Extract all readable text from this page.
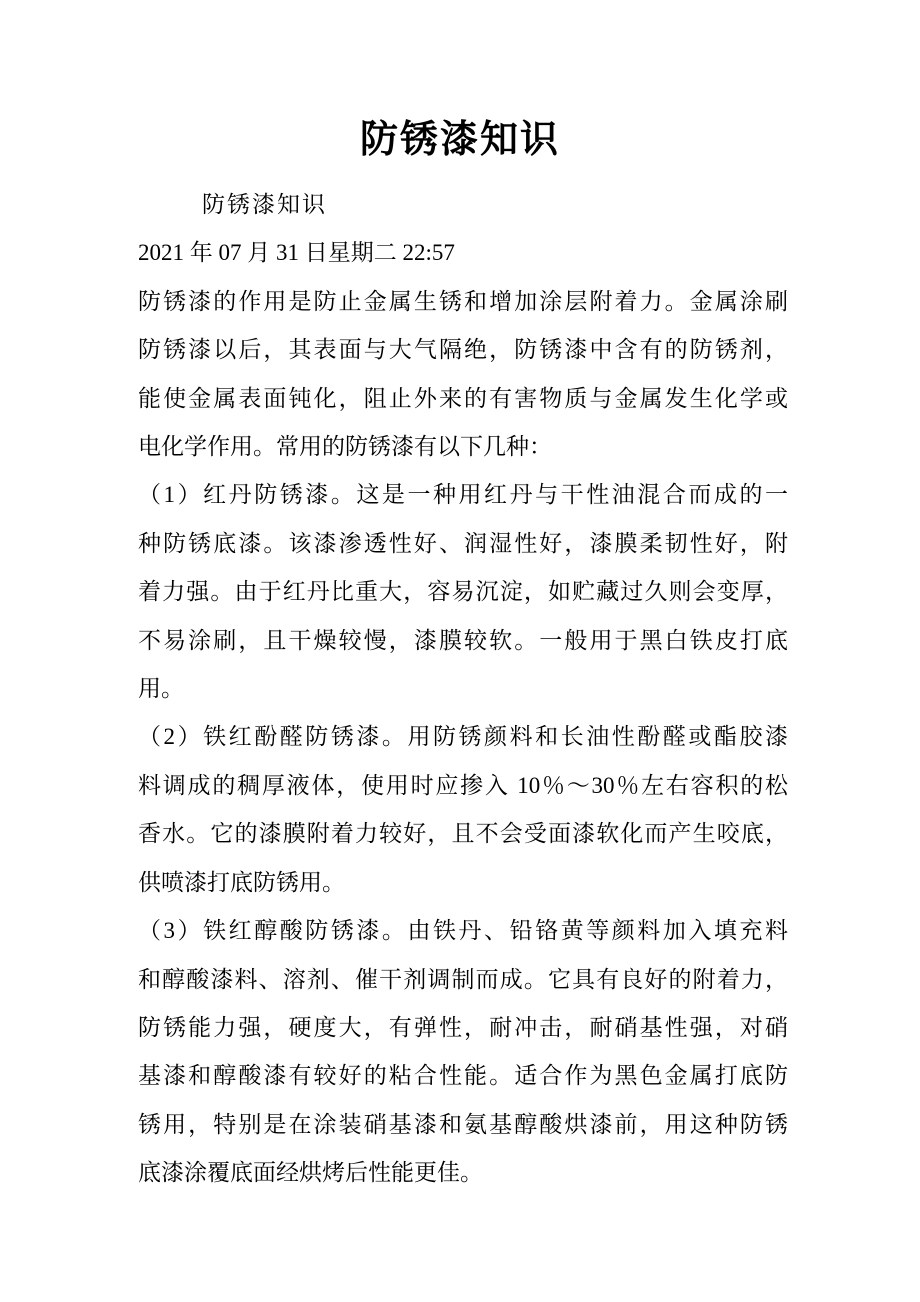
防锈漆知识
防锈漆知识
2021 年 07 月 31 日星期二 22:57
防锈漆的作用是防止金属生锈和增加涂层附着力。金属涂刷
防锈漆以后，其表面与大气隔绝，防锈漆中含有的防锈剂，
能使金属表面钝化，阻止外来的有害物质与金属发生化学或
电化学作用。常用的防锈漆有以下几种：
（1）红丹防锈漆。这是一种用红丹与干性油混合而成的一
种防锈底漆。该漆渗透性好、润湿性好，漆膜柔韧性好，附
着力强。由于红丹比重大，容易沉淀，如贮藏过久则会变厚，
不易涂刷，且干燥较慢，漆膜较软。一般用于黑白铁皮打底
用。
（2）铁红酚醛防锈漆。用防锈颜料和长油性酚醛或酯胶漆
料调成的稠厚液体，使用时应掺入 10％～30％左右容积的松
香水。它的漆膜附着力较好，且不会受面漆软化而产生咬底，
供喷漆打底防锈用。
（3）铁红醇酸防锈漆。由铁丹、铅铬黄等颜料加入填充料
和醇酸漆料、溶剂、催干剂调制而成。它具有良好的附着力，
防锈能力强，硬度大，有弹性，耐冲击，耐硝基性强，对硝
基漆和醇酸漆有较好的粘合性能。适合作为黑色金属打底防
锈用，特别是在涂装硝基漆和氨基醇酸烘漆前，用这种防锈
底漆涂覆底面经烘烤后性能更佳。
